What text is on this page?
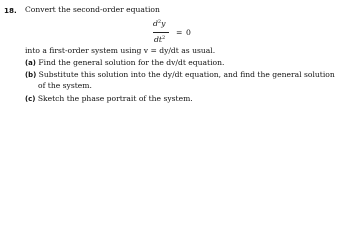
18. Convert the second-order equation
$d^2y$
$dt^2$
= 0
into a first-order system using v = dy/dt as usual.
(a) Find the general solution for the dv/dt equation.
(b) Substitute this solution into the dy/dt equation, and find the general solution
of the system.
(c) Sketch the phase portrait of the system.
